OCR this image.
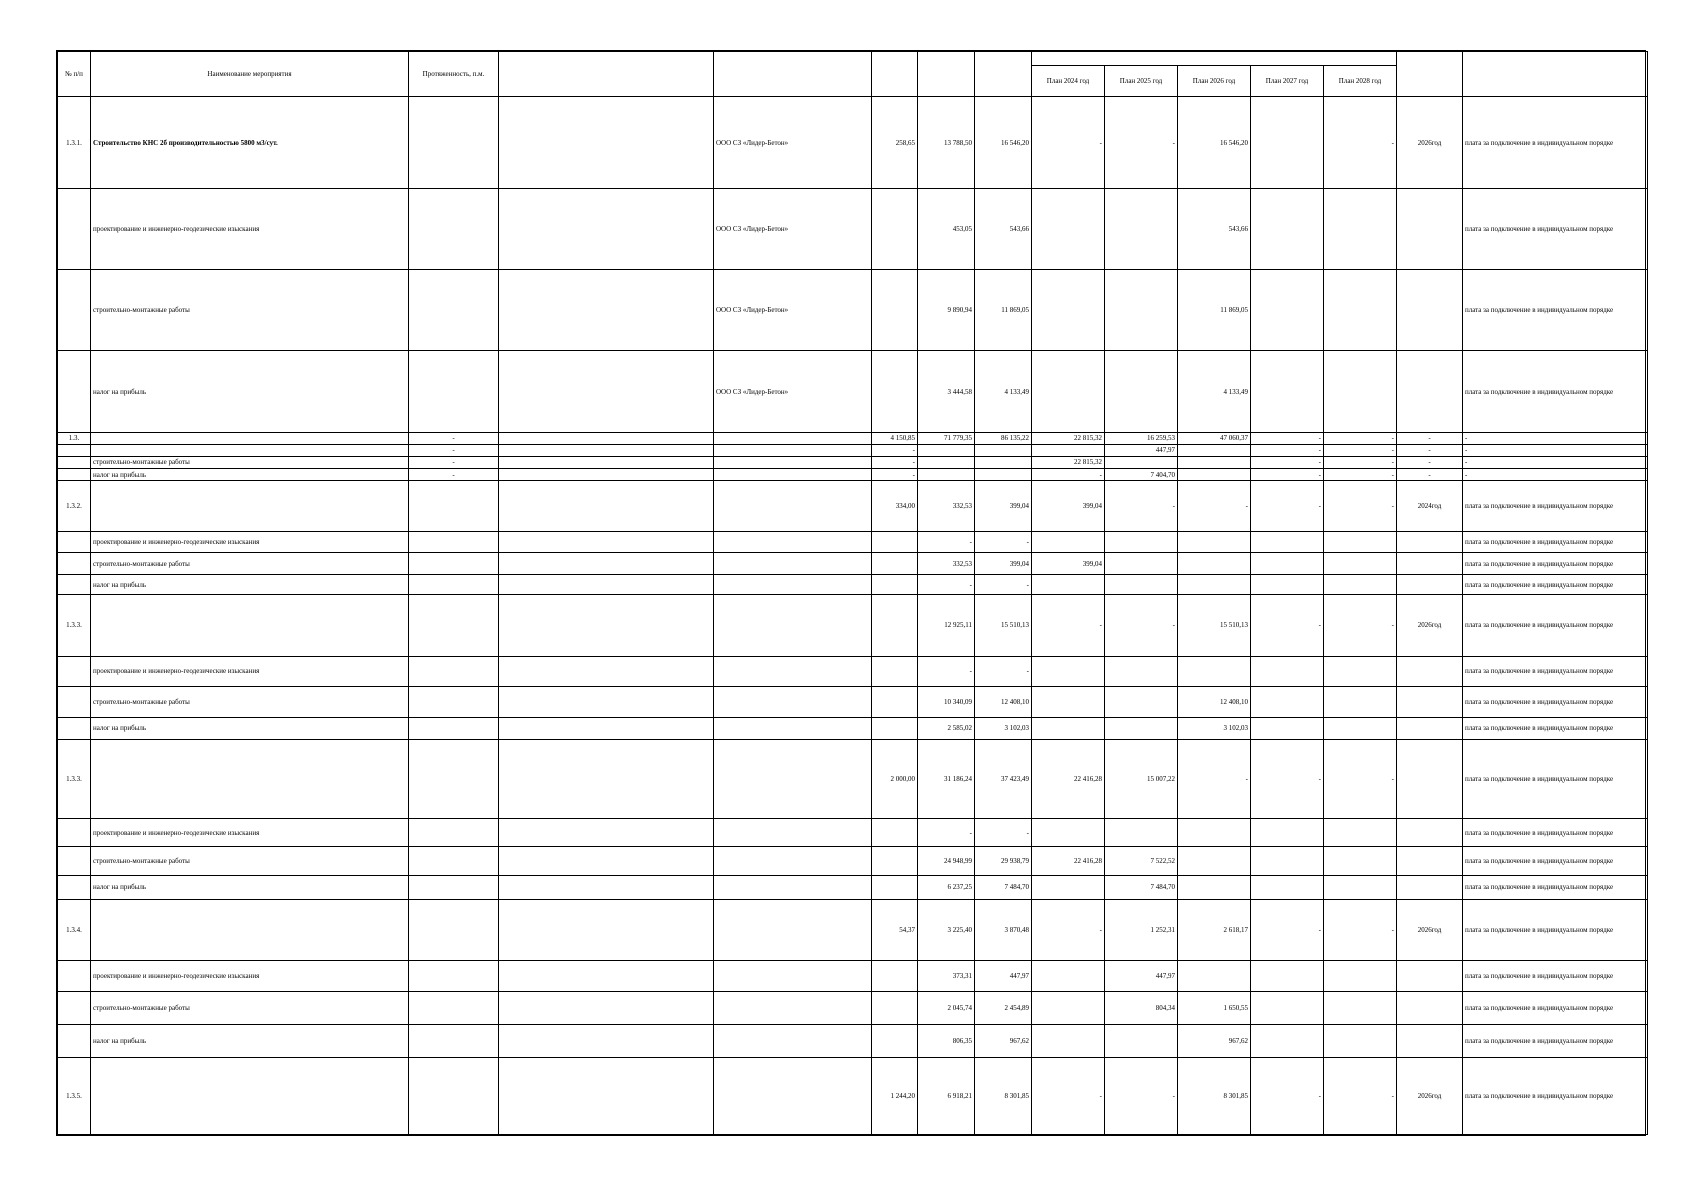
№ п/п	Наименование мероприятия	Протяженность, п.м.												
								План 2024 год	План 2025 год	План 2026 год	План 2027 год	План 2028 год		
1.3.1.	Строительство КНС 2б производительностью 5800 м3/сут.			ООО СЗ «Лидер-Бетон»	258,65	13 788,50	16 546,20	-	-	16 546,20		-	2026год	плата за подключение в индивидуальном порядке
	проектирование и инженерно-геодезические изыскания			ООО СЗ «Лидер-Бетон»		453,05	543,66			543,66				плата за подключение в индивидуальном порядке
	строительно-монтажные работы			ООО СЗ «Лидер-Бетон»		9 890,94	11 869,05			11 869,05				плата за подключение в индивидуальном порядке
	налог на прибыль			ООО СЗ «Лидер-Бетон»		3 444,58	4 133,49			4 133,49				плата за подключение в индивидуальном порядке
1.3.		-			4 150,85	71 779,35	86 135,22	22 815,32	16 259,53	47 060,37	-	-	-	-
		-			-				447,97		-	-	-	-
	строительно-монтажные работы	-			-			22 815,32			-	-	-	-
	налог на прибыль	-			-			-	7 404,70		-	-	-	-
1.3.2.					334,00	332,53	399,04	399,04	-	-	-	-	2024год	плата за подключение в индивидуальном порядке
	проектирование и инженерно-геодезические изыскания					-	-							плата за подключение в индивидуальном порядке
	строительно-монтажные работы					332,53	399,04	399,04						плата за подключение в индивидуальном порядке
	налог на прибыль					-	-							плата за подключение в индивидуальном порядке
1.3.3.						12 925,11	15 510,13	-	-	15 510,13	-	-	2026год	плата за подключение в индивидуальном порядке
	проектирование и инженерно-геодезические изыскания					-	-							плата за подключение в индивидуальном порядке
	строительно-монтажные работы					10 340,09	12 408,10			12 408,10				плата за подключение в индивидуальном порядке
	налог на прибыль					2 585,02	3 102,03			3 102,03				плата за подключение в индивидуальном порядке
1.3.3.					2 000,00	31 186,24	37 423,49	22 416,28	15 007,22	-	-	-		плата за подключение в индивидуальном порядке
	проектирование и инженерно-геодезические изыскания					-	-							плата за подключение в индивидуальном порядке
	строительно-монтажные работы					24 948,99	29 938,79	22 416,28	7 522,52					плата за подключение в индивидуальном порядке
	налог на прибыль					6 237,25	7 484,70		7 484,70					плата за подключение в индивидуальном порядке
1.3.4.					54,37	3 225,40	3 870,48	-	1 252,31	2 618,17	-	-	2026год	плата за подключение в индивидуальном порядке
	проектирование и инженерно-геодезические изыскания					373,31	447,97		447,97					плата за подключение в индивидуальном порядке
	строительно-монтажные работы					2 045,74	2 454,89		804,34	1 650,55				плата за подключение в индивидуальном порядке
	налог на прибыль					806,35	967,62			967,62				плата за подключение в индивидуальном порядке
1.3.5.					1 244,20	6 918,21	8 301,85	-	-	8 301,85	-	-	2026год	плата за подключение в индивидуальном порядке
